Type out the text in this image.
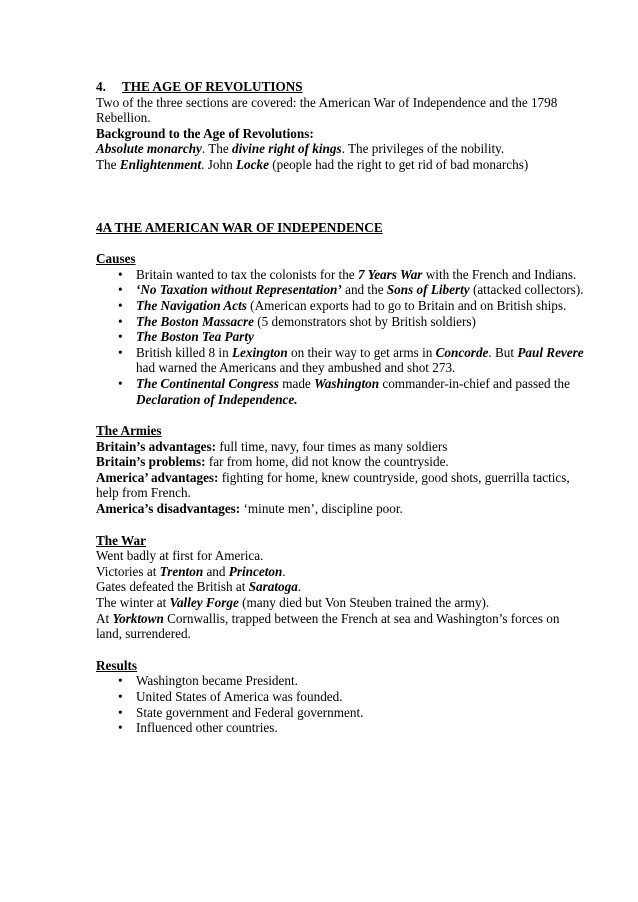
4. THE AGE OF REVOLUTIONS
Two of the three sections are covered: the American War of Independence and the 1798
Rebellion.
Background to the Age of Revolutions:
Absolute monarchy. The divine right of kings. The privileges of the nobility.
The Enlightenment. John Locke (people had the right to get rid of bad monarchs)
4A THE AMERICAN WAR OF INDEPENDENCE
Causes
• Britain wanted to tax the colonists for the 7 Years War with the French and Indians.
• ‘No Taxation without Representation’ and the Sons of Liberty (attacked collectors).
• The Navigation Acts (American exports had to go to Britain and on British ships.
• The Boston Massacre (5 demonstrators shot by British soldiers)
• The Boston Tea Party
• British killed 8 in Lexington on their way to get arms in Concorde. But Paul Revere
had warned the Americans and they ambushed and shot 273.
• The Continental Congress made Washington commander-in-chief and passed the
Declaration of Independence.
The Armies
Britain’s advantages: full time, navy, four times as many soldiers
Britain’s problems: far from home, did not know the countryside.
America’ advantages: fighting for home, knew countryside, good shots, guerrilla tactics,
help from French.
America’s disadvantages: ‘minute men’, discipline poor.
The War
Went badly at first for America.
Victories at Trenton and Princeton.
Gates defeated the British at Saratoga.
The winter at Valley Forge (many died but Von Steuben trained the army).
At Yorktown Cornwallis, trapped between the French at sea and Washington’s forces on
land, surrendered.
Results
• Washington became President.
• United States of America was founded.
• State government and Federal government.
• Influenced other countries.
